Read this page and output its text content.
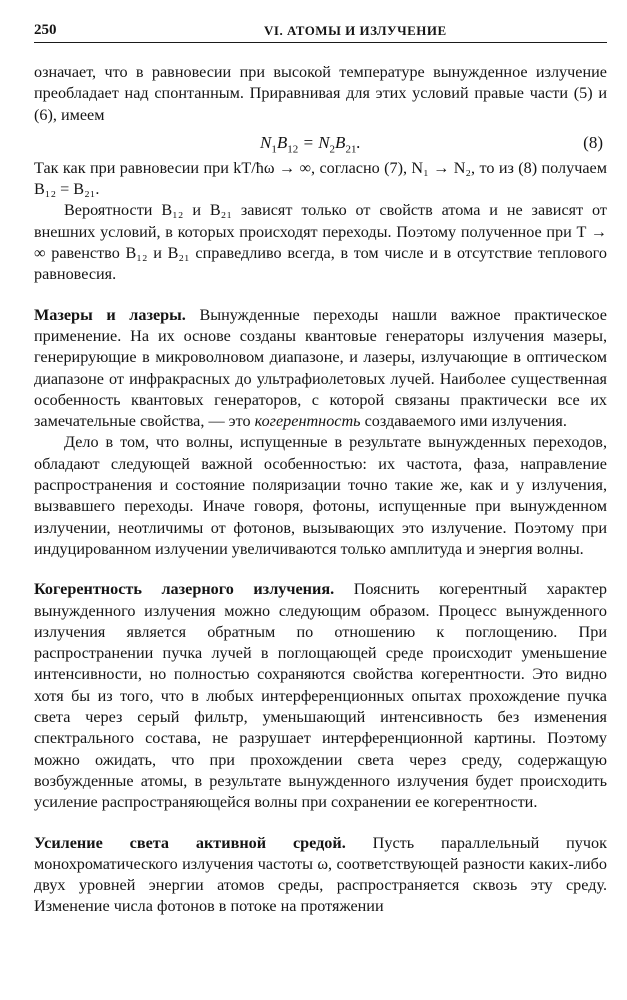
250	VI. АТОМЫ И ИЗЛУЧЕНИЕ

означает, что в равновесии при высокой температуре вынужденное излучение преобладает над спонтанным. Приравнивая для этих условий правые части (5) и (6), имеем

$N_1B_{12} = N_2B_{21}$.	(8)

Так как при равновесии при kT/ħω → ∞, согласно (7), N₁ → N₂, то из (8) получаем B₁₂ = B₂₁.

Вероятности B₁₂ и B₂₁ зависят только от свойств атома и не зависят от внешних условий, в которых происходят переходы. Поэтому полученное при T → ∞ равенство B₁₂ и B₂₁ справедливо всегда, в том числе и в отсутствие теплового равновесия.

Мазеры и лазеры. Вынужденные переходы нашли важное практическое применение. На их основе созданы квантовые генераторы излучения мазеры, генерирующие в микроволновом диапазоне, и лазеры, излучающие в оптическом диапазоне от инфракрасных до ультрафиолетовых лучей. Наиболее существенная особенность квантовых генераторов, с которой связаны практически все их замечательные свойства, — это когерентность создаваемого ими излучения.

Дело в том, что волны, испущенные в результате вынужденных переходов, обладают следующей важной особенностью: их частота, фаза, направление распространения и состояние поляризации точно такие же, как и у излучения, вызвавшего переходы. Иначе говоря, фотоны, испущенные при вынужденном излучении, неотличимы от фотонов, вызывающих это излучение. Поэтому при индуцированном излучении увеличиваются только амплитуда и энергия волны.

Когерентность лазерного излучения. Пояснить когерентный характер вынужденного излучения можно следующим образом. Процесс вынужденного излучения является обратным по отношению к поглощению. При распространении пучка лучей в поглощающей среде происходит уменьшение интенсивности, но полностью сохраняются свойства когерентности. Это видно хотя бы из того, что в любых интерференционных опытах прохождение пучка света через серый фильтр, уменьшающий интенсивность без изменения спектрального состава, не разрушает интерференционной картины. Поэтому можно ожидать, что при прохождении света через среду, содержащую возбужденные атомы, в результате вынужденного излучения будет происходить усиление распространяющейся волны при сохранении ее когерентности.

Усиление света активной средой. Пусть параллельный пучок монохроматического излучения частоты ω, соответствующей разности каких-либо двух уровней энергии атомов среды, распространяется сквозь эту среду. Изменение числа фотонов в потоке на протяжении
